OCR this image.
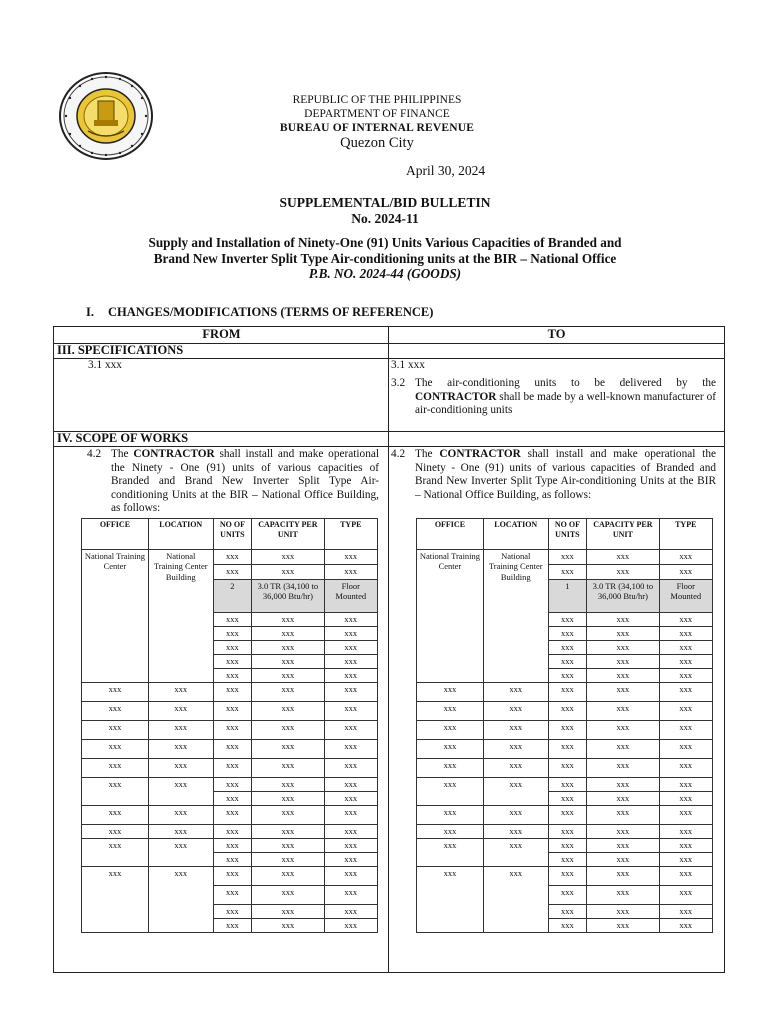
REPUBLIC OF THE PHILIPPINES
DEPARTMENT OF FINANCE
BUREAU OF INTERNAL REVENUE
Quezon City
April 30, 2024
SUPPLEMENTAL/BID BULLETIN
No. 2024-11
Supply and Installation of Ninety-One (91) Units Various Capacities of Branded and
Brand New Inverter Split Type Air-conditioning units at the BIR – National Office
P.B. NO. 2024-44 (GOODS)
I. CHANGES/MODIFICATIONS (TERMS OF REFERENCE)
FROM	TO
III. SPECIFICATIONS
3.1 xxx	3.1 xxx
3.2 The air-conditioning units to be delivered by the CONTRACTOR shall be made by a well-known manufacturer of air-conditioning units
IV. SCOPE OF WORKS
4.2 The CONTRACTOR shall install and make operational the Ninety - One (91) units of various capacities of Branded and Brand New Inverter Split Type Air-conditioning Units at the BIR – National Office Building, as follows:
4.2 The CONTRACTOR shall install and make operational the Ninety - One (91) units of various capacities of Branded and Brand New Inverter Split Type Air-conditioning Units at the BIR – National Office Building, as follows:
OFFICE	LOCATION	NO OF UNITS	CAPACITY PER UNIT	TYPE
National Training Center	National Training Center Building	xxx	xxx	xxx
		xxx	xxx	xxx
		2	3.0 TR (34,100 to 36,000 Btu/hr)	Floor Mounted
		xxx	xxx	xxx
		xxx	xxx	xxx
		xxx	xxx	xxx
		xxx	xxx	xxx
		xxx	xxx	xxx
xxx	xxx	xxx	xxx	xxx
xxx	xxx	xxx	xxx	xxx
xxx	xxx	xxx	xxx	xxx
xxx	xxx	xxx	xxx	xxx
xxx	xxx	xxx	xxx	xxx
xxx	xxx	xxx	xxx	xxx
		xxx	xxx	xxx
xxx	xxx	xxx	xxx	xxx
xxx	xxx	xxx	xxx	xxx
xxx	xxx	xxx	xxx	xxx
		xxx	xxx	xxx
xxx	xxx	xxx	xxx	xxx
		xxx	xxx	xxx
		xxx	xxx	xxx
		xxx	xxx	xxx
OFFICE	LOCATION	NO OF UNITS	CAPACITY PER UNIT	TYPE
National Training Center	National Training Center Building	xxx	xxx	xxx
		xxx	xxx	xxx
		1	3.0 TR (34,100 to 36,000 Btu/hr)	Floor Mounted
		xxx	xxx	xxx
		xxx	xxx	xxx
		xxx	xxx	xxx
		xxx	xxx	xxx
		xxx	xxx	xxx
xxx	xxx	xxx	xxx	xxx
xxx	xxx	xxx	xxx	xxx
xxx	xxx	xxx	xxx	xxx
xxx	xxx	xxx	xxx	xxx
xxx	xxx	xxx	xxx	xxx
xxx	xxx	xxx	xxx	xxx
		xxx	xxx	xxx
xxx	xxx	xxx	xxx	xxx
xxx	xxx	xxx	xxx	xxx
xxx	xxx	xxx	xxx	xxx
		xxx	xxx	xxx
xxx	xxx	xxx	xxx	xxx
		xxx	xxx	xxx
		xxx	xxx	xxx
		xxx	xxx	xxx
